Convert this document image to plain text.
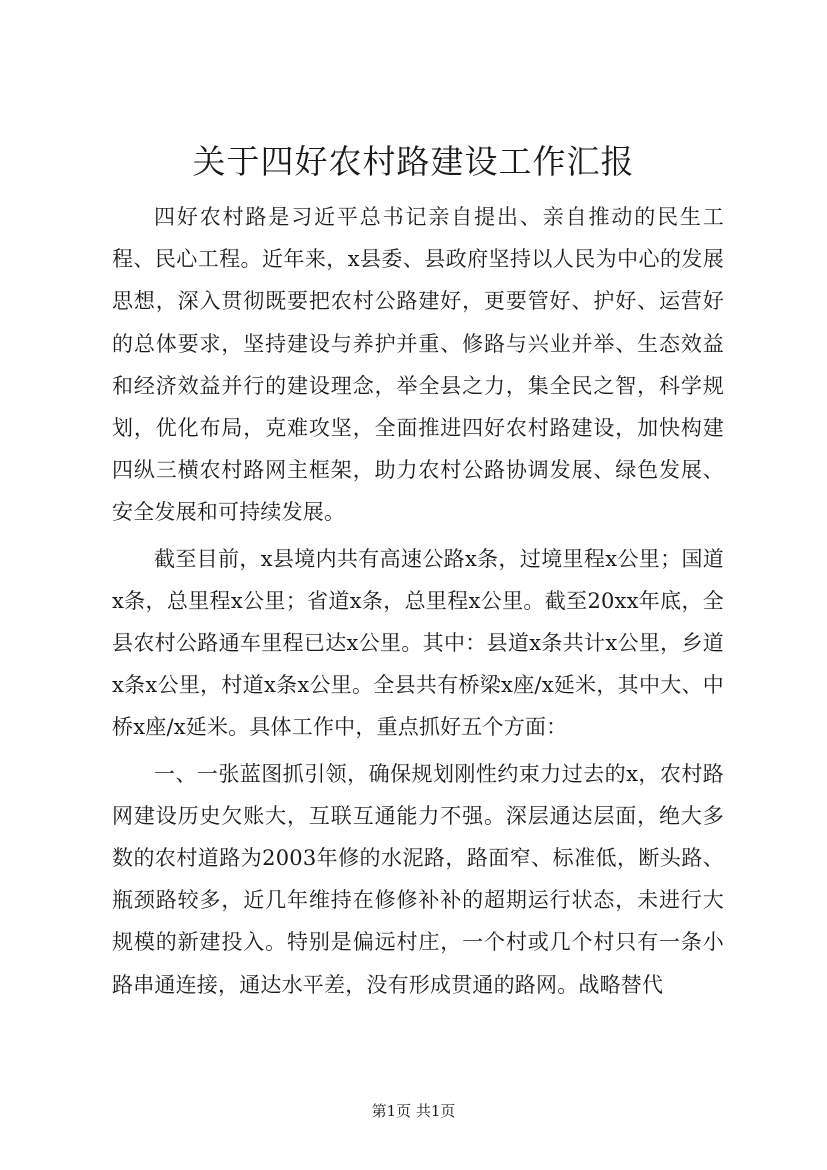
关于四好农村路建设工作汇报

四好农村路是习近平总书记亲自提出、亲自推动的民生工程、民心工程。近年来，x县委、县政府坚持以人民为中心的发展思想，深入贯彻既要把农村公路建好，更要管好、护好、运营好的总体要求，坚持建设与养护并重、修路与兴业并举、生态效益和经济效益并行的建设理念，举全县之力，集全民之智，科学规划，优化布局，克难攻坚，全面推进四好农村路建设，加快构建四纵三横农村路网主框架，助力农村公路协调发展、绿色发展、安全发展和可持续发展。

截至目前，x县境内共有高速公路x条，过境里程x公里；国道x条，总里程x公里；省道x条，总里程x公里。截至20xx年底，全县农村公路通车里程已达x公里。其中：县道x条共计x公里，乡道x条x公里，村道x条x公里。全县共有桥梁x座/x延米，其中大、中桥x座/x延米。具体工作中，重点抓好五个方面：

一、一张蓝图抓引领，确保规划刚性约束力过去的x，农村路网建设历史欠账大，互联互通能力不强。深层通达层面，绝大多数的农村道路为2003年修的水泥路，路面窄、标准低，断头路、瓶颈路较多，近几年维持在修修补补的超期运行状态，未进行大规模的新建投入。特别是偏远村庄，一个村或几个村只有一条小路串通连接，通达水平差，没有形成贯通的路网。战略替代

第1页 共1页
